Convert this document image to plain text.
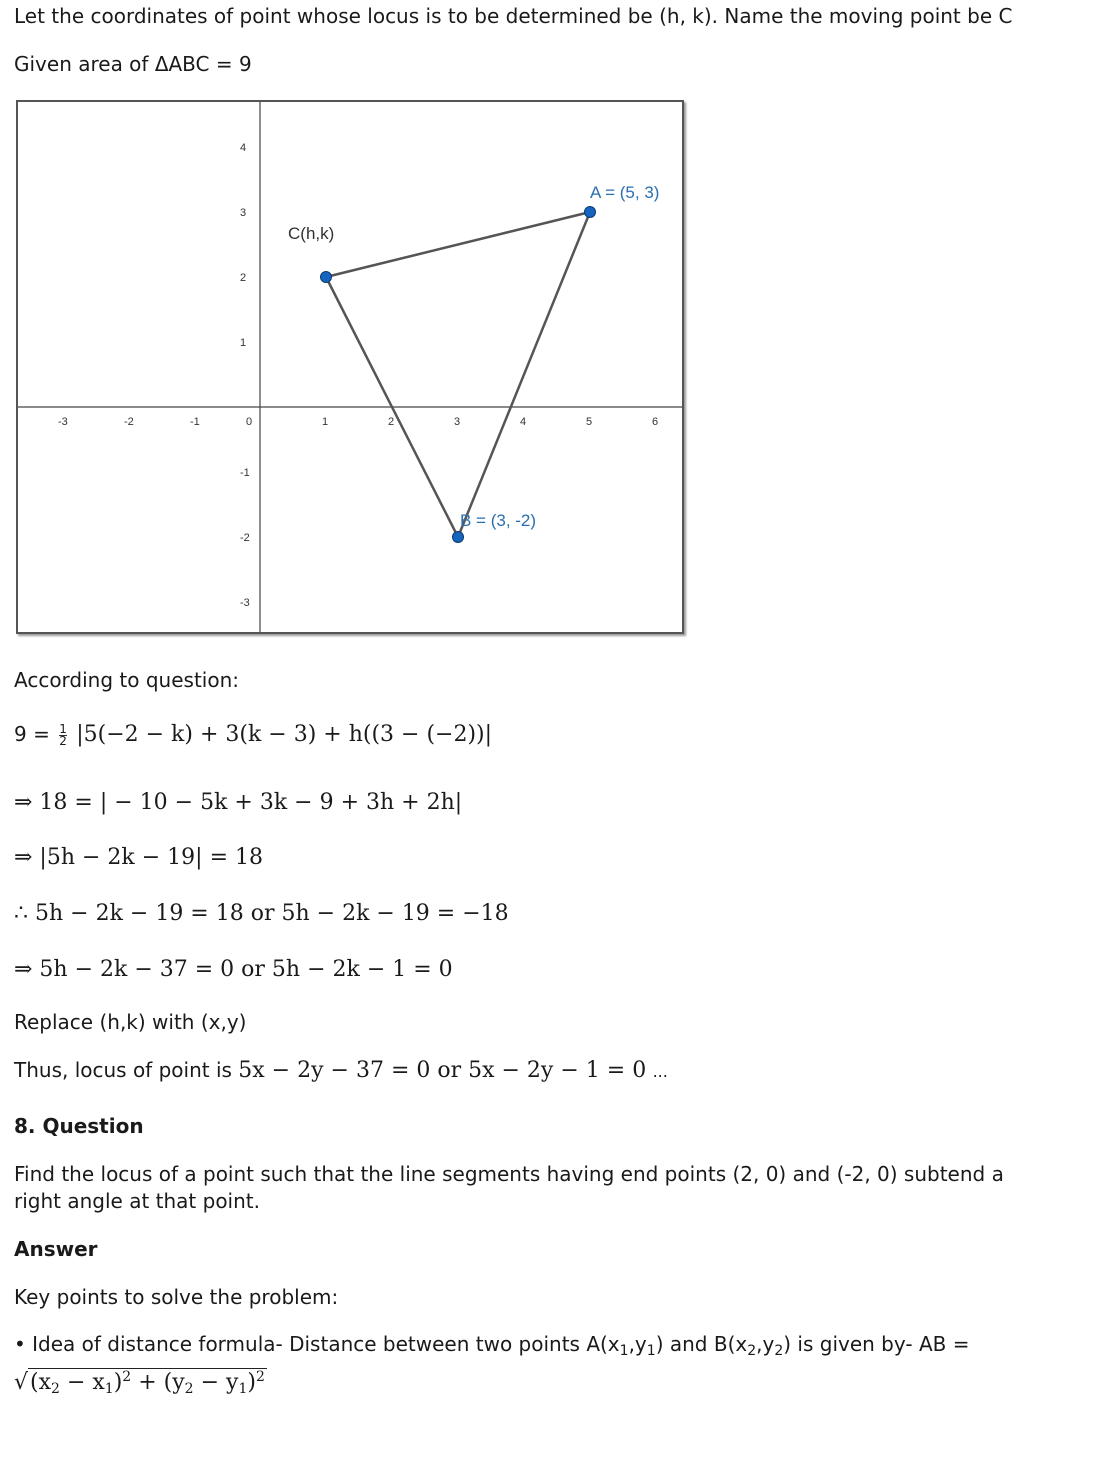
Let the coordinates of point whose locus is to be determined be (h, k). Name the moving point be C
Given area of ΔABC = 9
-3	-2	-1	0	1	2	3	4	5	6
4
3
2
1
-1
-2
-3
A = (5, 3)
B = (3, -2)
C(h,k)
According to question:
$9 = \frac{1}{2} |5(-2 - k) + 3(k - 3) + h((3 - (-2))|$
⇒ 18 = | − 10 − 5k + 3k − 9 + 3h + 2h|
⇒ |5h − 2k − 19| = 18
∴ 5h − 2k − 19 = 18 or 5h − 2k − 19 = −18
⇒ 5h − 2k − 37 = 0 or 5h − 2k − 1 = 0
Replace (h,k) with (x,y)
Thus, locus of point is 5x − 2y − 37 = 0 or 5x − 2y − 1 = 0 ...
8. Question
Find the locus of a point such that the line segments having end points (2, 0) and (-2, 0) subtend a
right angle at that point.
Answer
Key points to solve the problem:
• Idea of distance formula- Distance between two points $A(x_1,y_1)$ and $B(x_2,y_2)$ is given by- AB =
$√(x_2 - x_1)^2 + (y_2 - y_1)^2$
